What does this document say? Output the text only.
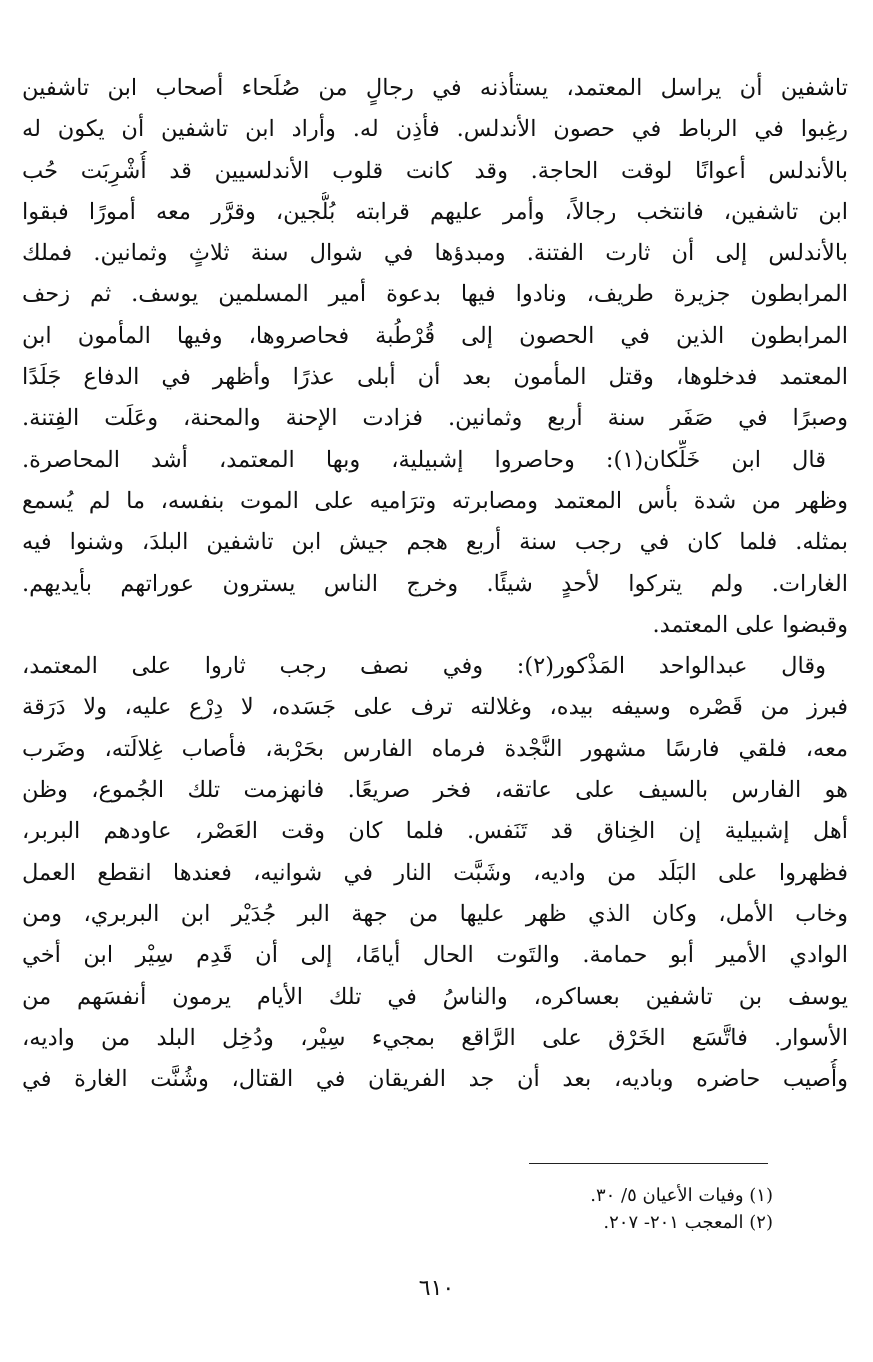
تاشفين أن يراسل المعتمد، يستأذنه في رجالٍ من صُلَحاء أصحاب ابن تاشفين
رغِبوا في الرباط في حصون الأندلس. فأذِن له. وأراد ابن تاشفين أن يكون له
بالأندلس أعوانًا لوقت الحاجة. وقد كانت قلوب الأندلسيين قد أُشْرِبَت حُب
ابن تاشفين، فانتخب رجالاً، وأمر عليهم قرابته بُلُّجين، وقرَّر معه أمورًا فبقوا
بالأندلس إلى أن ثارت الفتنة. ومبدؤها في شوال سنة ثلاثٍ وثمانين. فملك
المرابطون جزيرة طريف، ونادوا فيها بدعوة أمير المسلمين يوسف. ثم زحف
المرابطون الذين في الحصون إلى قُرْطُبة فحاصروها، وفيها المأمون ابن
المعتمد فدخلوها، وقتل المأمون بعد أن أبلى عذرًا وأظهر في الدفاع جَلَدًا
وصبرًا في صَفَر سنة أربع وثمانين. فزادت الإحنة والمحنة، وعَلَت الفِتنة.
قال ابن خَلِّكان(١): وحاصروا إشبيلية، وبها المعتمد، أشد المحاصرة.
وظهر من شدة بأس المعتمد ومصابرته وترَاميه على الموت بنفسه، ما لم يُسمع
بمثله. فلما كان في رجب سنة أربع هجم جيش ابن تاشفين البلدَ، وشنوا فيه
الغارات. ولم يتركوا لأحدٍ شيئًا. وخرج الناس يسترون عوراتهم بأيديهم.
وقبضوا على المعتمد.
وقال عبدالواحد المَذْكور(٢): وفي نصف رجب ثاروا على المعتمد،
فبرز من قَصْره وسيفه بيده، وغلالته ترف على جَسَده، لا دِرْع عليه، ولا دَرَقة
معه، فلقي فارسًا مشهور النَّجْدة فرماه الفارس بحَرْبة، فأصاب غِلالَته، وضَرب
هو الفارس بالسيف على عاتقه، فخر صريعًا. فانهزمت تلك الجُموع، وظن
أهل إشبيلية إن الخِناق قد تَنَفس. فلما كان وقت العَصْر، عاودهم البربر،
فظهروا على البَلَد من واديه، وشَبَّت النار في شوانيه، فعندها انقطع العمل
وخاب الأمل، وكان الذي ظهر عليها من جهة البر جُدَيْر ابن البربري، ومن
الوادي الأمير أبو حمامة. والتَوت الحال أيامًا، إلى أن قَدِم سِيْر ابن أخي
يوسف بن تاشفين بعساكره، والناسُ في تلك الأيام يرمون أنفسَهم من
الأسوار. فاتَّسَع الخَرْق على الرَّاقع بمجيء سِيْر، ودُخِل البلد من واديه،
وأُصيب حاضره وباديه، بعد أن جد الفريقان في القتال، وشُنَّت الغارة في
(١) وفيات الأعيان ٥/ ٣٠.
(٢) المعجب ٢٠١- ٢٠٧.
٦١٠
